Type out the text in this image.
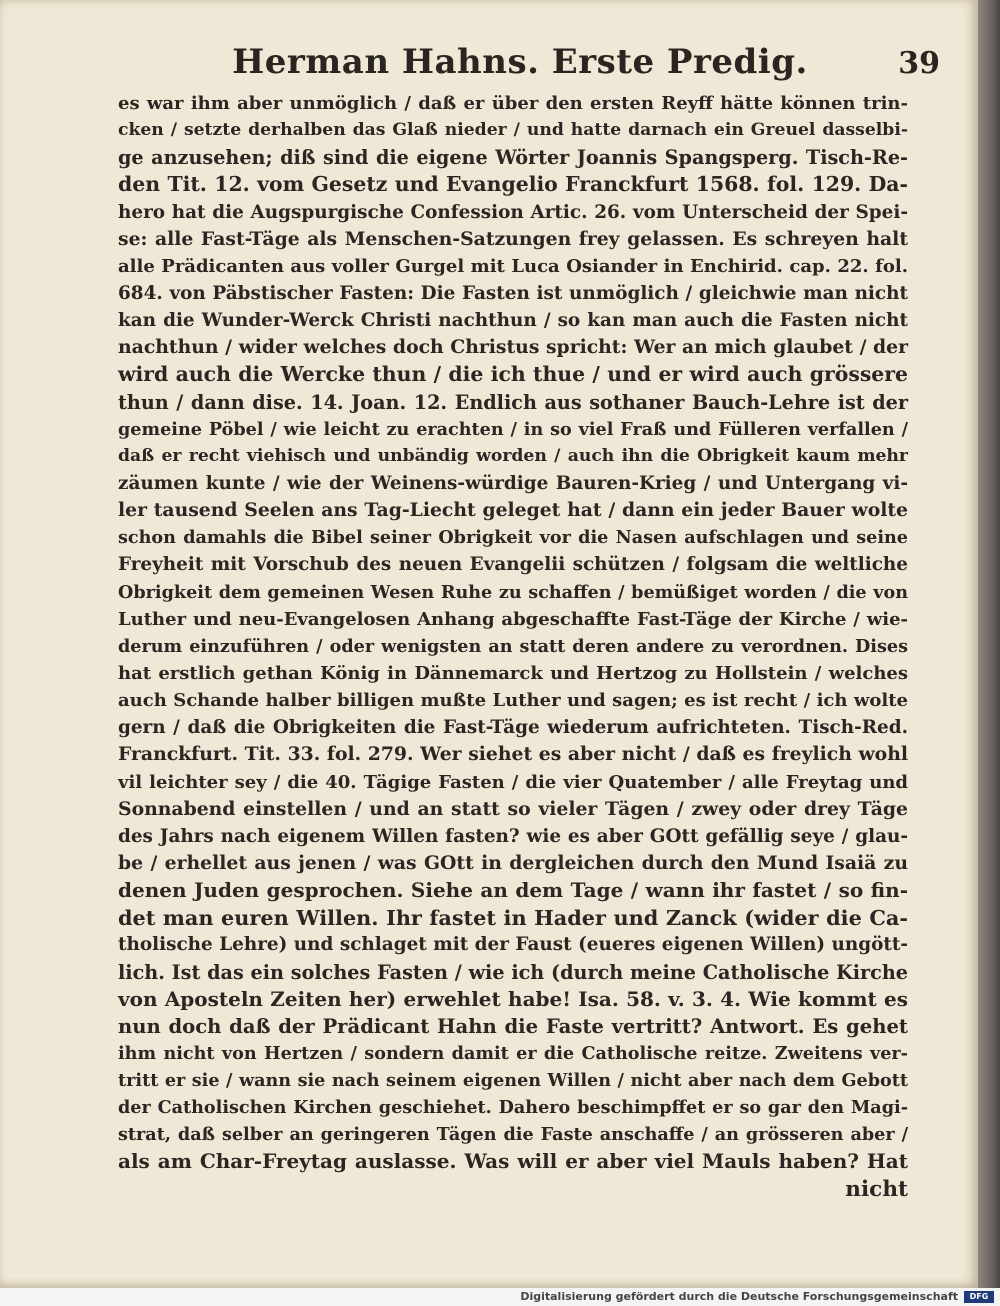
Herman Hahns. Erste Predig.	39
es war ihm aber unmöglich / daß er über den ersten Reyff hätte können trin-
cken / setzte derhalben das Glaß nieder / und hatte darnach ein Greuel dasselbi-
ge anzusehen; diß sind die eigene Wörter Joannis Spangsperg. Tisch-Re-
den Tit. 12. vom Gesetz und Evangelio Franckfurt 1568. fol. 129. Da-
hero hat die Augspurgische Confession Artic. 26. vom Unterscheid der Spei-
se: alle Fast-Täge als Menschen-Satzungen frey gelassen. Es schreyen halt
alle Prädicanten aus voller Gurgel mit Luca Osiander in Enchirid. cap. 22. fol.
684. von Päbstischer Fasten: Die Fasten ist unmöglich / gleichwie man nicht
kan die Wunder-Werck Christi nachthun / so kan man auch die Fasten nicht
nachthun / wider welches doch Christus spricht: Wer an mich glaubet / der
wird auch die Wercke thun / die ich thue / und er wird auch grössere
thun / dann dise. 14. Joan. 12. Endlich aus sothaner Bauch-Lehre ist der
gemeine Pöbel / wie leicht zu erachten / in so viel Fraß und Fülleren verfallen /
daß er recht viehisch und unbändig worden / auch ihn die Obrigkeit kaum mehr
zäumen kunte / wie der Weinens-würdige Bauren-Krieg / und Untergang vi-
ler tausend Seelen ans Tag-Liecht geleget hat / dann ein jeder Bauer wolte
schon damahls die Bibel seiner Obrigkeit vor die Nasen aufschlagen und seine
Freyheit mit Vorschub des neuen Evangelii schützen / folgsam die weltliche
Obrigkeit dem gemeinen Wesen Ruhe zu schaffen / bemüßiget worden / die von
Luther und neu-Evangelosen Anhang abgeschaffte Fast-Täge der Kirche / wie-
derum einzuführen / oder wenigsten an statt deren andere zu verordnen. Dises
hat erstlich gethan König in Dännemarck und Hertzog zu Hollstein / welches
auch Schande halber billigen mußte Luther und sagen; es ist recht / ich wolte
gern / daß die Obrigkeiten die Fast-Täge wiederum aufrichteten. Tisch-Red.
Franckfurt. Tit. 33. fol. 279. Wer siehet es aber nicht / daß es freylich wohl
vil leichter sey / die 40. Tägige Fasten / die vier Quatember / alle Freytag und
Sonnabend einstellen / und an statt so vieler Tägen / zwey oder drey Täge
des Jahrs nach eigenem Willen fasten? wie es aber GOtt gefällig seye / glau-
be / erhellet aus jenen / was GOtt in dergleichen durch den Mund Isaiä zu
denen Juden gesprochen. Siehe an dem Tage / wann ihr fastet / so fin-
det man euren Willen. Ihr fastet in Hader und Zanck (wider die Ca-
tholische Lehre) und schlaget mit der Faust (eueres eigenen Willen) ungött-
lich. Ist das ein solches Fasten / wie ich (durch meine Catholische Kirche
von Aposteln Zeiten her) erwehlet habe! Isa. 58. v. 3. 4. Wie kommt es
nun doch daß der Prädicant Hahn die Faste vertritt? Antwort. Es gehet
ihm nicht von Hertzen / sondern damit er die Catholische reitze. Zweitens ver-
tritt er sie / wann sie nach seinem eigenen Willen / nicht aber nach dem Gebott
der Catholischen Kirchen geschiehet. Dahero beschimpffet er so gar den Magi-
strat, daß selber an geringeren Tägen die Faste anschaffe / an grösseren aber /
als am Char-Freytag auslasse. Was will er aber viel Mauls haben? Hat
nicht
Digitalisierung gefördert durch die Deutsche Forschungsgemeinschaft	DFG
